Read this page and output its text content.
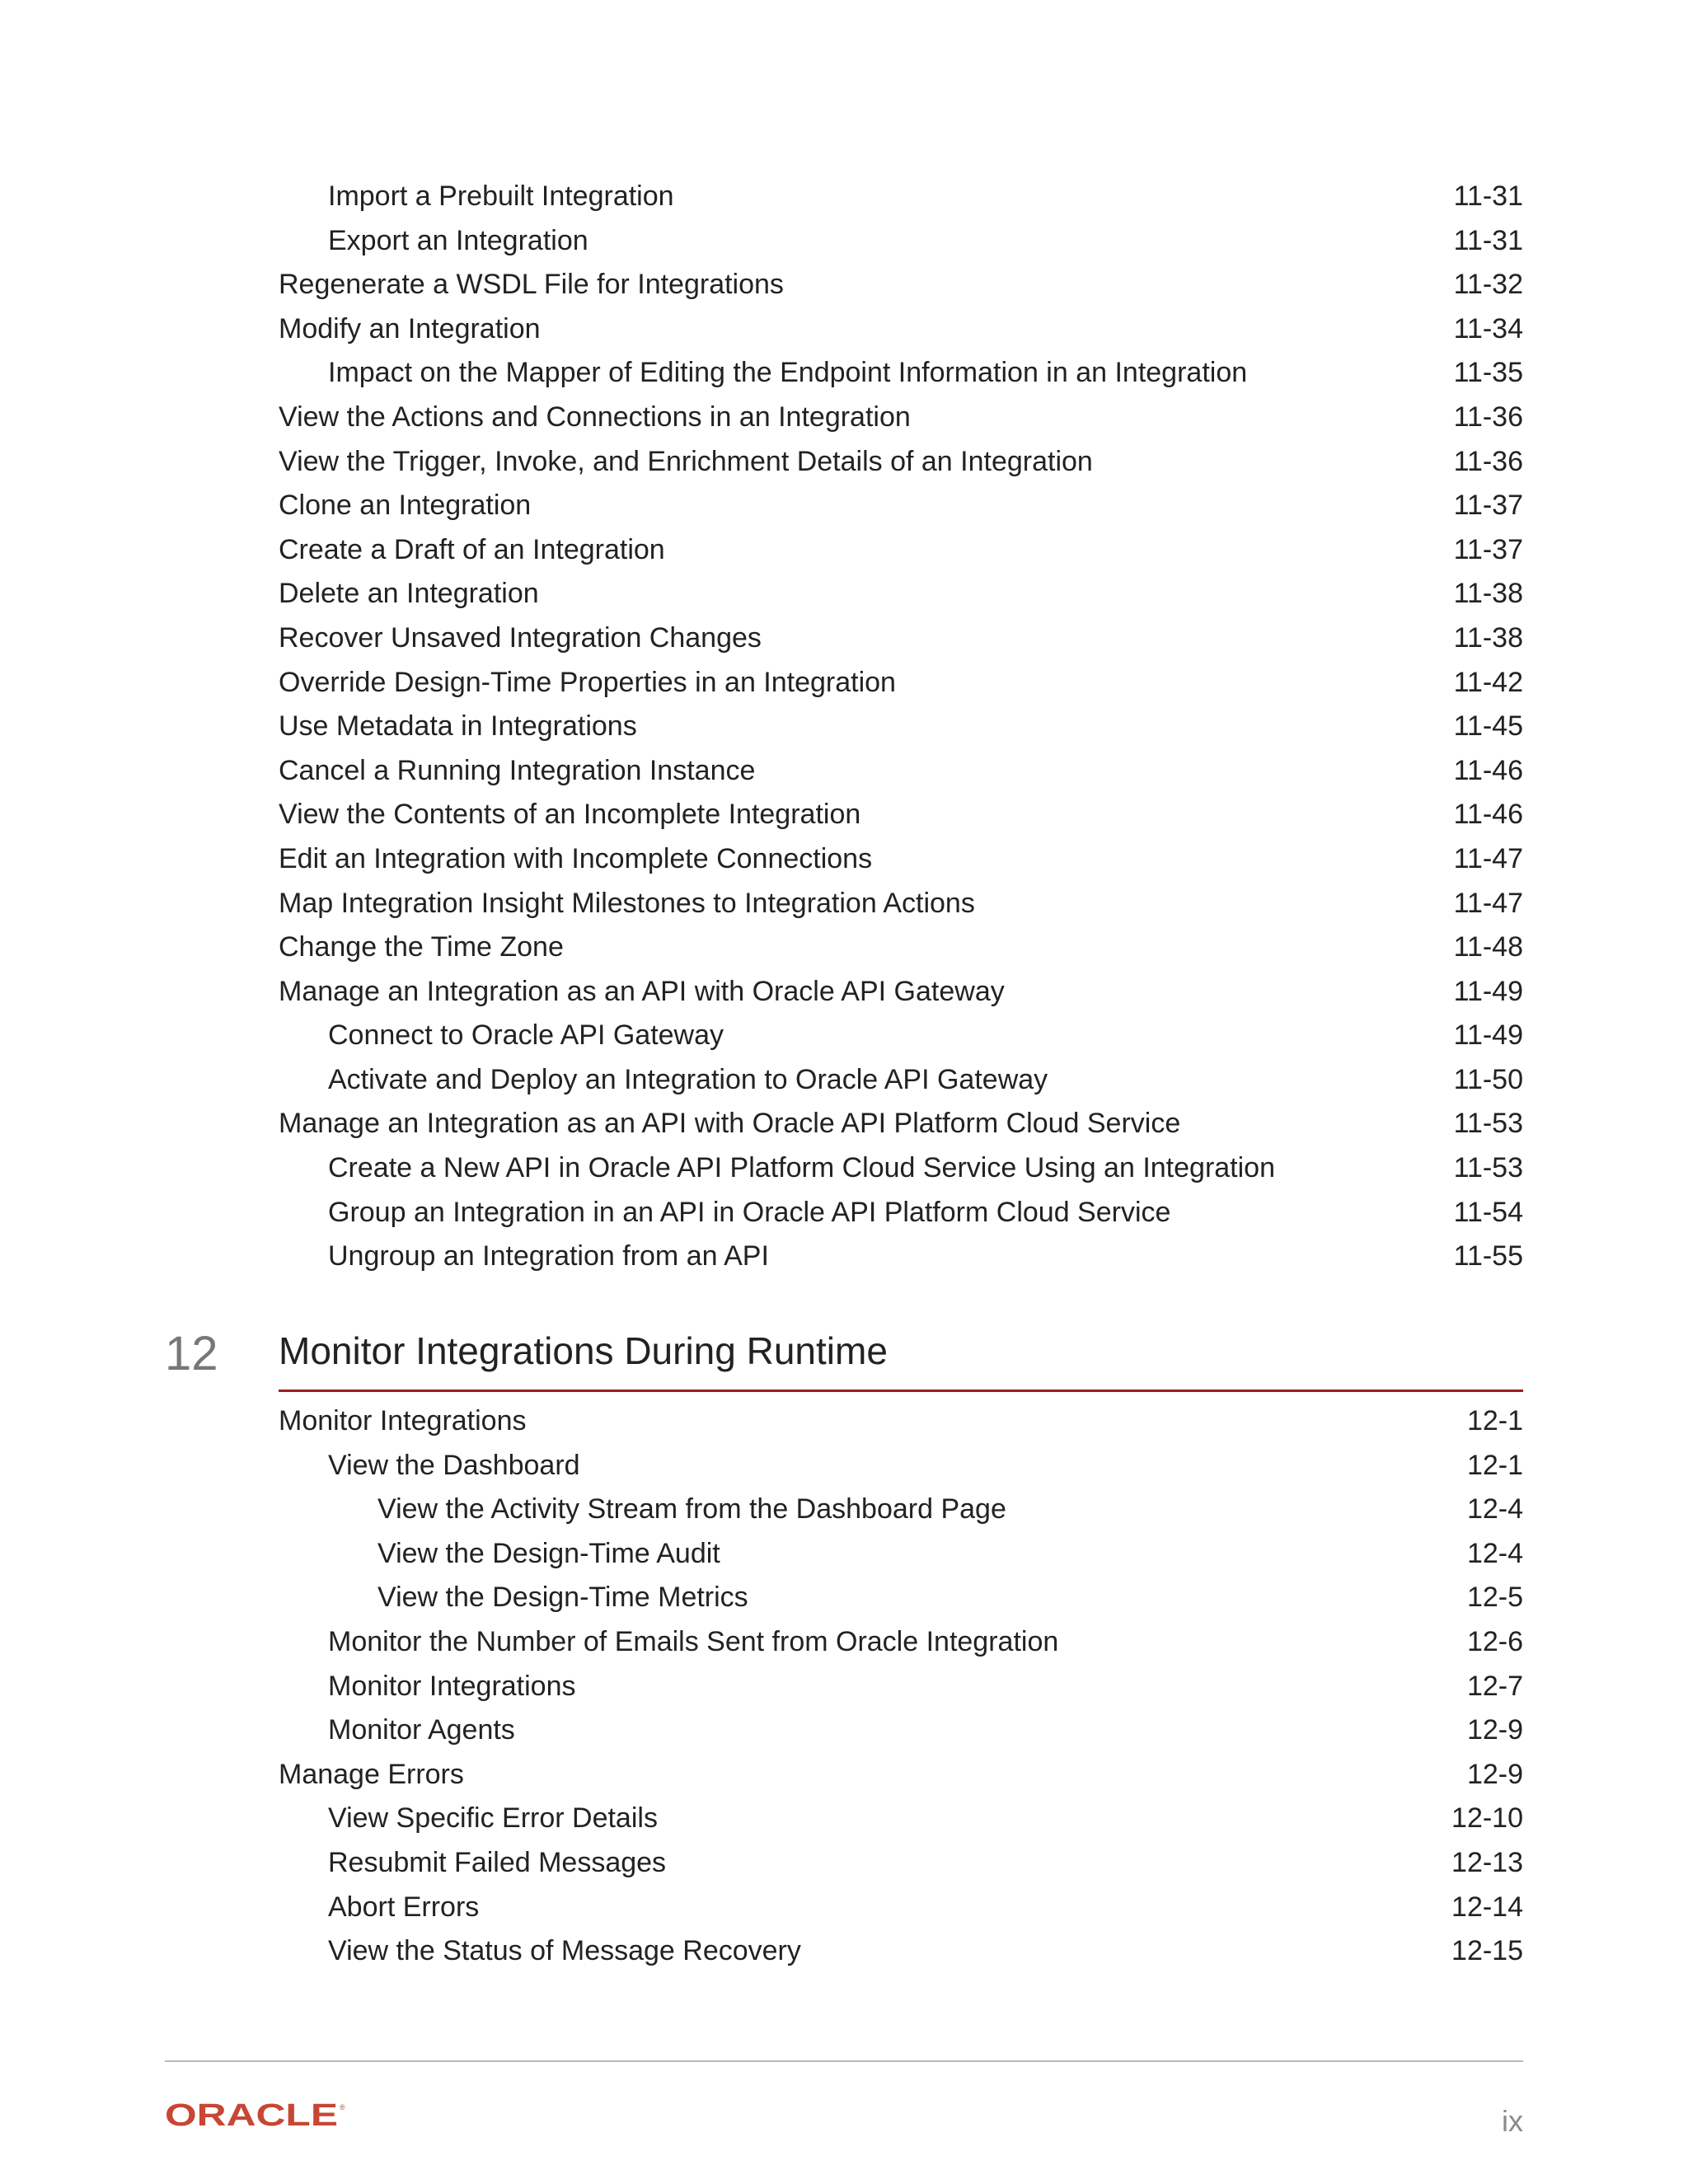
Import a Prebuilt Integration	11-31
Export an Integration	11-31
Regenerate a WSDL File for Integrations	11-32
Modify an Integration	11-34
Impact on the Mapper of Editing the Endpoint Information in an Integration	11-35
View the Actions and Connections in an Integration	11-36
View the Trigger, Invoke, and Enrichment Details of an Integration	11-36
Clone an Integration	11-37
Create a Draft of an Integration	11-37
Delete an Integration	11-38
Recover Unsaved Integration Changes	11-38
Override Design-Time Properties in an Integration	11-42
Use Metadata in Integrations	11-45
Cancel a Running Integration Instance	11-46
View the Contents of an Incomplete Integration	11-46
Edit an Integration with Incomplete Connections	11-47
Map Integration Insight Milestones to Integration Actions	11-47
Change the Time Zone	11-48
Manage an Integration as an API with Oracle API Gateway	11-49
Connect to Oracle API Gateway	11-49
Activate and Deploy an Integration to Oracle API Gateway	11-50
Manage an Integration as an API with Oracle API Platform Cloud Service	11-53
Create a New API in Oracle API Platform Cloud Service Using an Integration	11-53
Group an Integration in an API in Oracle API Platform Cloud Service	11-54
Ungroup an Integration from an API	11-55
12 Monitor Integrations During Runtime
Monitor Integrations	12-1
View the Dashboard	12-1
View the Activity Stream from the Dashboard Page	12-4
View the Design-Time Audit	12-4
View the Design-Time Metrics	12-5
Monitor the Number of Emails Sent from Oracle Integration	12-6
Monitor Integrations	12-7
Monitor Agents	12-9
Manage Errors	12-9
View Specific Error Details	12-10
Resubmit Failed Messages	12-13
Abort Errors	12-14
View the Status of Message Recovery	12-15
ORACLE ®	ix
